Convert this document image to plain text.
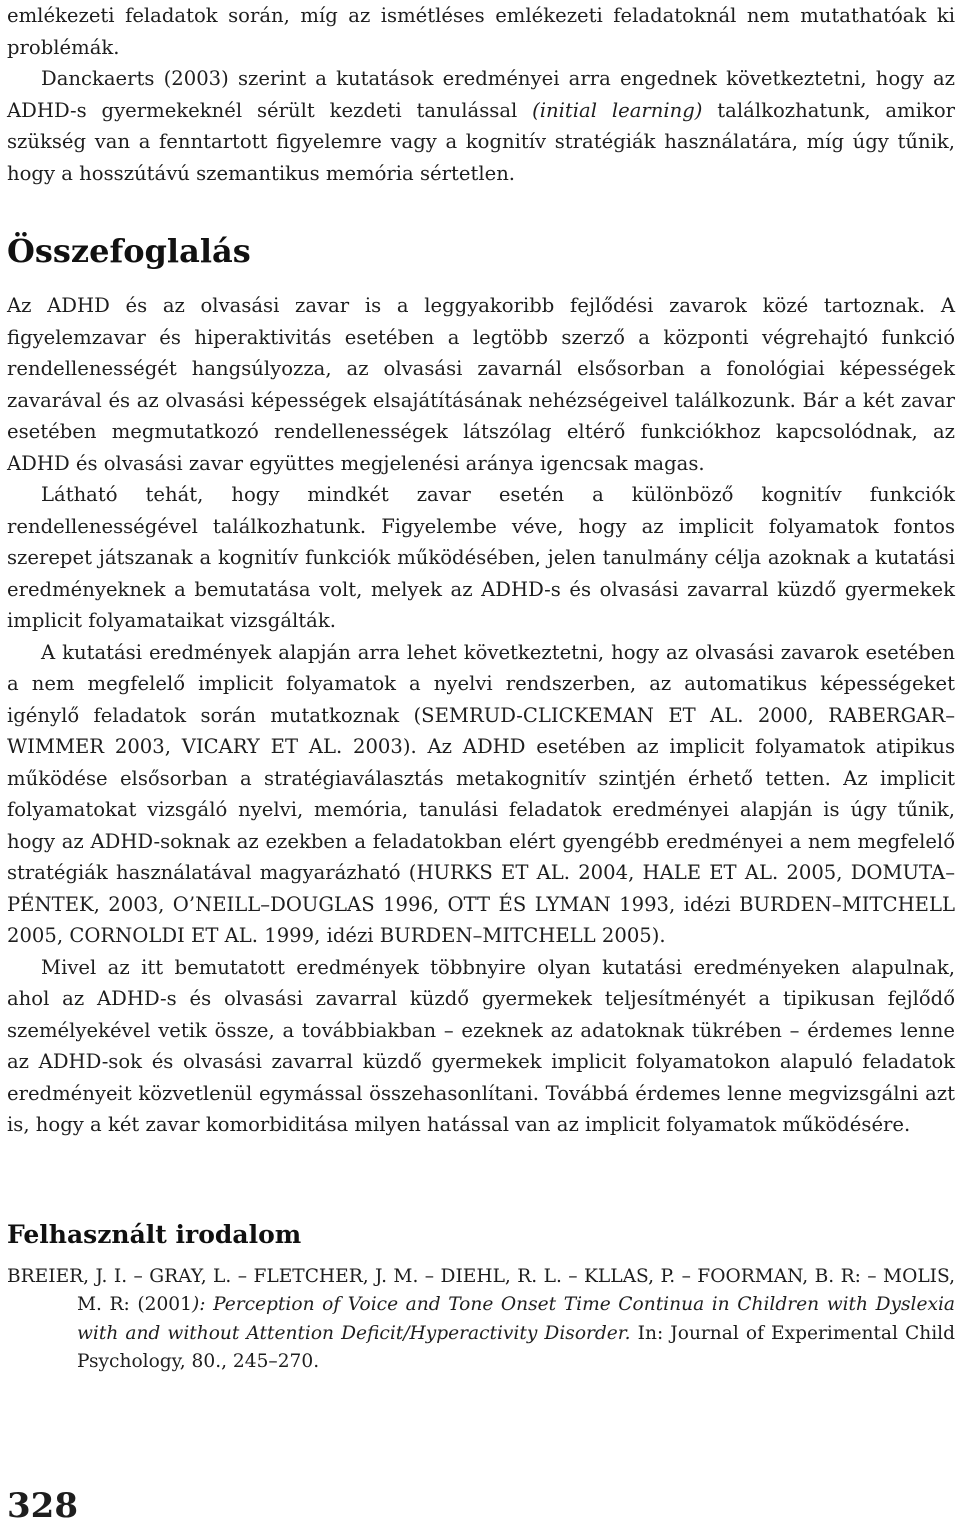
emlékezeti feladatok során, míg az ismétléses emlékezeti feladatoknál nem mutathatóak ki problémák.

Danckaerts (2003) szerint a kutatások eredményei arra engednek következtetni, hogy az ADHD-s gyermekeknél sérült kezdeti tanulással (initial learning) találkozhatunk, amikor szükség van a fenntartott figyelemre vagy a kognitív stratégiák használatára, míg úgy tűnik, hogy a hosszútávú szemantikus memória sértetlen.

Összefoglalás

Az ADHD és az olvasási zavar is a leggyakoribb fejlődési zavarok közé tartoznak. A figyelemzavar és hiperaktivitás esetében a legtöbb szerző a központi végrehajtó funkció rendellenességét hangsúlyozza, az olvasási zavarnál elsősorban a fonológiai képességek zavarával és az olvasási képességek elsajátításának nehézségeivel találkozunk. Bár a két zavar esetében megmutatkozó rendellenességek látszólag eltérő funkciókhoz kapcsolódnak, az ADHD és olvasási zavar együttes megjelenési aránya igencsak magas.

Látható tehát, hogy mindkét zavar esetén a különböző kognitív funkciók rendellenességével találkozhatunk. Figyelembe véve, hogy az implicit folyamatok fontos szerepet játszanak a kognitív funkciók működésében, jelen tanulmány célja azoknak a kutatási eredményeknek a bemutatása volt, melyek az ADHD-s és olvasási zavarral küzdő gyermekek implicit folyamataikat vizsgálták.

A kutatási eredmények alapján arra lehet következtetni, hogy az olvasási zavarok esetében a nem megfelelő implicit folyamatok a nyelvi rendszerben, az automatikus képességeket igénylő feladatok során mutatkoznak (SEMRUD-CLICKEMAN ET AL. 2000, RABERGAR–WIMMER 2003, VICARY ET AL. 2003). Az ADHD esetében az implicit folyamatok atipikus működése elsősorban a stratégiaválasztás metakognitív szintjén érhető tetten. Az implicit folyamatokat vizsgáló nyelvi, memória, tanulási feladatok eredményei alapján is úgy tűnik, hogy az ADHD-soknak az ezekben a feladatokban elért gyengébb eredményei a nem megfelelő stratégiák használatával magyarázható (HURKS ET AL. 2004, HALE ET AL. 2005, DOMUTA–PÉNTEK, 2003, O’NEILL–DOUGLAS 1996, OTT ÉS LYMAN 1993, idézi BURDEN–MITCHELL 2005, CORNOLDI ET AL. 1999, idézi BURDEN–MITCHELL 2005).

Mivel az itt bemutatott eredmények többnyire olyan kutatási eredményeken alapulnak, ahol az ADHD-s és olvasási zavarral küzdő gyermekek teljesítményét a tipikusan fejlődő személyekével vetik össze, a továbbiakban – ezeknek az adatoknak tükrében – érdemes lenne az ADHD-sok és olvasási zavarral küzdő gyermekek implicit folyamatokon alapuló feladatok eredményeit közvetlenül egymással összehasonlítani. Továbbá érdemes lenne megvizsgálni azt is, hogy a két zavar komorbiditása milyen hatással van az implicit folyamatok működésére.

Felhasznált irodalom

BREIER, J. I. – GRAY, L. – FLETCHER, J. M. – DIEHL, R. L. – KLLAS, P. – FOORMAN, B. R: – MOLIS, M. R: (2001): Perception of Voice and Tone Onset Time Continua in Children with Dyslexia with and without Attention Deficit/Hyperactivity Disorder. In: Journal of Experimental Child Psychology, 80., 245–270.

328
